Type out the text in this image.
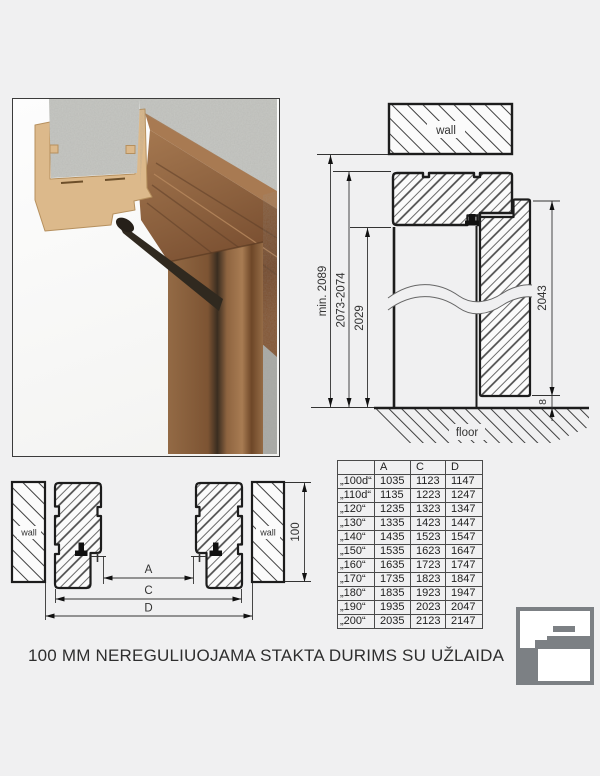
wall
floor
min. 2089 2073-2074 2029
2043
8
wall	wall
A
C
D
100
	A	C	D
„100d“	1035	1123	1147
„110d“	1135	1223	1247
„120“	1235	1323	1347
„130“	1335	1423	1447
„140“	1435	1523	1547
„150“	1535	1623	1647
„160“	1635	1723	1747
„170“	1735	1823	1847
„180“	1835	1923	1947
„190“	1935	2023	2047
„200“	2035	2123	2147
100 MM NEREGULIUOJAMA STAKTA DURIMS SU UŽLAIDA
